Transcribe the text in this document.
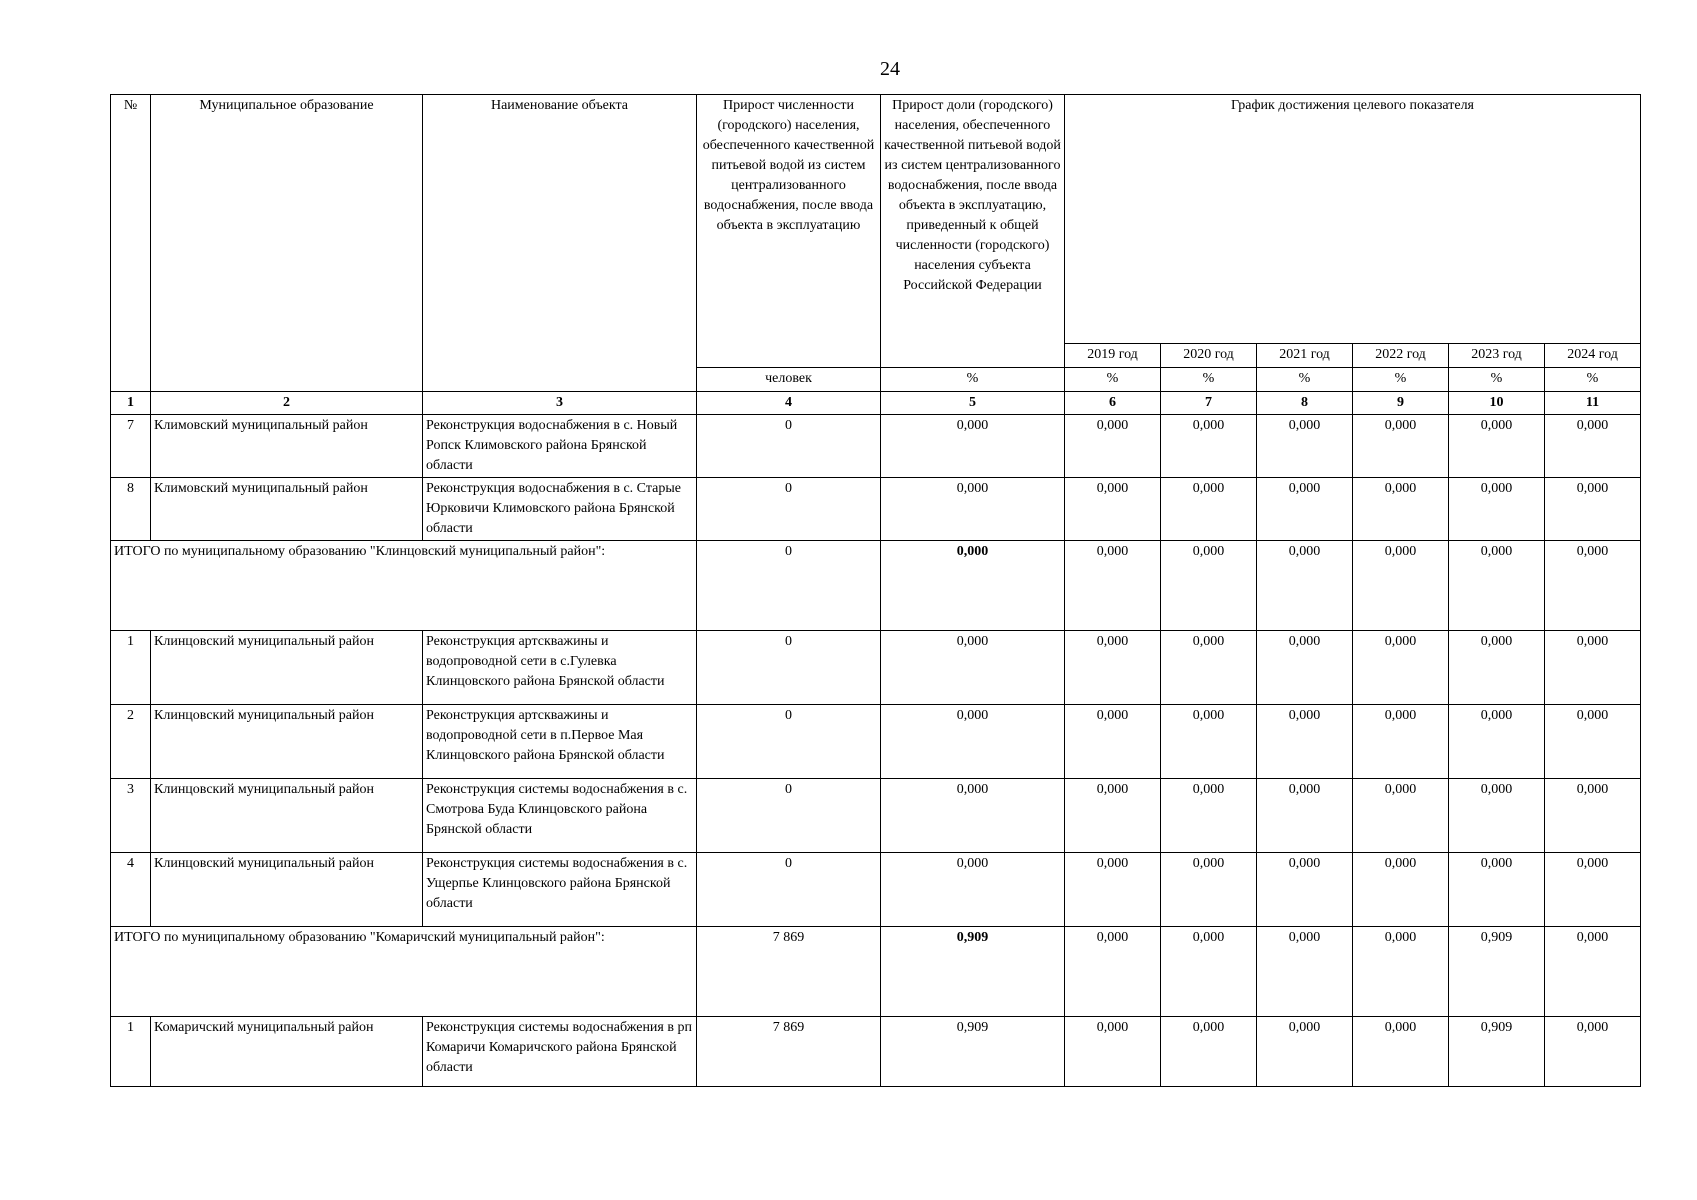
24
№	Муниципальное образование	Наименование объекта	Прирост численности (городского) населения, обеспеченного качественной питьевой водой из систем централизованного водоснабжения, после ввода объекта в эксплуатацию	Прирост доли (городского) населения, обеспеченного качественной питьевой водой из систем централизованного водоснабжения, после ввода объекта в эксплуатацию, приведенный к общей численности (городского) населения субъекта Российской Федерации	График достижения целевого показателя					
					2019 год	2020 год	2021 год	2022 год	2023 год	2024 год
			человек	%	%	%	%	%	%	%
1	2	3	4	5	6	7	8	9	10	11
7	Климовский муниципальный район	Реконструкция водоснабжения в с. Новый Ропск Климовского района Брянской области	0	0,000	0,000	0,000	0,000	0,000	0,000	0,000
8	Климовский муниципальный район	Реконструкция водоснабжения в с. Старые Юрковичи Климовского района Брянской области	0	0,000	0,000	0,000	0,000	0,000	0,000	0,000
ИТОГО по муниципальному образованию "Клинцовский муниципальный район":			0	0,000	0,000	0,000	0,000	0,000	0,000	0,000
1	Клинцовский муниципальный район	Реконструкция артскважины и водопроводной сети в с.Гулевка Клинцовского района Брянской области	0	0,000	0,000	0,000	0,000	0,000	0,000	0,000
2	Клинцовский муниципальный район	Реконструкция артскважины и водопроводной сети в п.Первое Мая Клинцовского района Брянской области	0	0,000	0,000	0,000	0,000	0,000	0,000	0,000
3	Клинцовский муниципальный район	Реконструкция системы водоснабжения в с. Смотрова Буда Клинцовского района Брянской области	0	0,000	0,000	0,000	0,000	0,000	0,000	0,000
4	Клинцовский муниципальный район	Реконструкция системы водоснабжения в с. Ущерпье Клинцовского района Брянской области	0	0,000	0,000	0,000	0,000	0,000	0,000	0,000
ИТОГО по муниципальному образованию "Комаричский муниципальный район":			7 869	0,909	0,000	0,000	0,000	0,000	0,909	0,000
1	Комаричский муниципальный район	Реконструкция системы водоснабжения в рп Комаричи Комаричского района Брянской области	7 869	0,909	0,000	0,000	0,000	0,000	0,909	0,000
